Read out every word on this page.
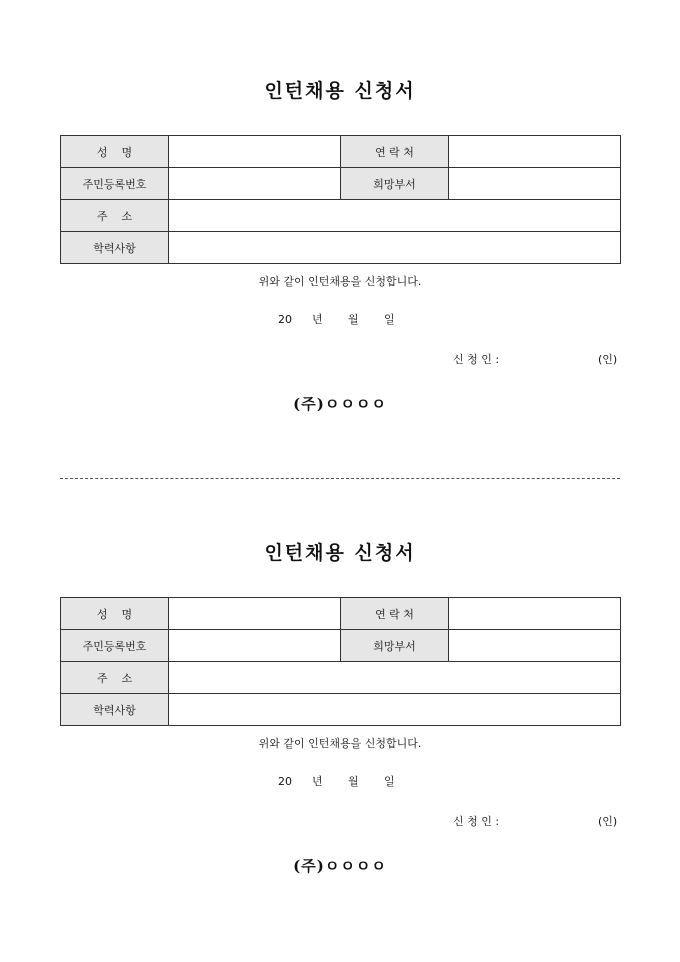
인턴채용 신청서
성    명		연 락 처	
주민등록번호		희망부서	
주    소			
학력사항			
위와 같이 인턴채용을 신청합니다.
20 년 월 일
신 청 인 :	(인)
(주)ㅇㅇㅇㅇ
인턴채용 신청서
성    명		연 락 처	
주민등록번호		희망부서	
주    소			
학력사항			
위와 같이 인턴채용을 신청합니다.
20 년 월 일
신 청 인 :	(인)
(주)ㅇㅇㅇㅇ
